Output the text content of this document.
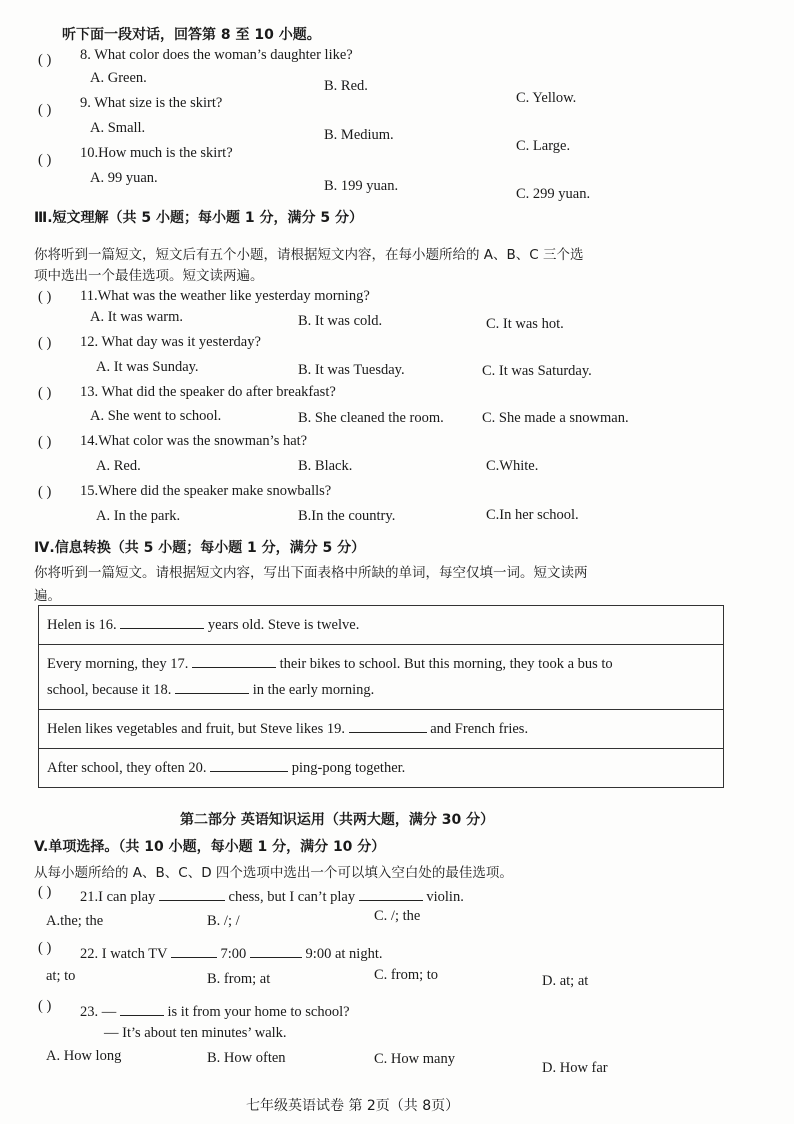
听下面一段对话，回答第 8 至 10 小题。
( ) 8. What color does the woman’s daughter like?
A. Green.	B. Red.
C. Yellow.
( ) 9. What size is the skirt?
A. Small.	B. Medium.
C. Large.
( ) 10.How much is the skirt?
A. 99 yuan.	B. 199 yuan.	C. 299 yuan.
Ⅲ.短文理解（共 5 小题；每小题 1 分，满分 5 分）
你将听到一篇短文，短文后有五个小题，请根据短文内容，在每小题所给的 A、B、C 三个选
项中选出一个最佳选项。短文读两遍。
( ) 11.What was the weather like yesterday morning?
A. It was warm.	B. It was cold.	C. It was hot.
( ) 12. What day was it yesterday?
A. It was Sunday.	B. It was Tuesday.	C. It was Saturday.
( ) 13. What did the speaker do after breakfast?
A. She went to school.	B. She cleaned the room.	C. She made a snowman.
( ) 14.What color was the snowman’s hat?
A. Red.	B. Black.	C.White.
( ) 15.Where did the speaker make snowballs?
A. In the park.	B.In the country.	C.In her school.
Ⅳ.信息转换（共 5 小题；每小题 1 分，满分 5 分）
你将听到一篇短文。请根据短文内容，写出下面表格中所缺的单词，每空仅填一词。短文读两
遍。
Helen is 16.	years old. Steve is twelve.
Every morning, they 17.	their bikes to school. But this morning, they took a bus to
school, because it 18.	in the early morning.
Helen likes vegetables and fruit, but Steve likes 19.	and French fries.
After school, they often 20.	ping-pong together.
第二部分 英语知识运用（共两大题，满分 30 分）
V.单项选择。（共 10 小题，每小题 1 分，满分 10 分）
从每小题所给的 A、B、C、D 四个选项中选出一个可以填入空白处的最佳选项。
( ) 21.I can play	chess, but I can’t play	violin.
A.the; the	B. /; /	C. /; the
( ) 22. I watch TV	7:00	9:00 at night.
at; to	B. from; at	C. from; to	D. at; at
( ) 23. —	is it from your home to school?
— It’s about ten minutes’ walk.
A. How long	B. How often	C. How many
D. How far
七年级英语试卷 第 2页（共 8页）
